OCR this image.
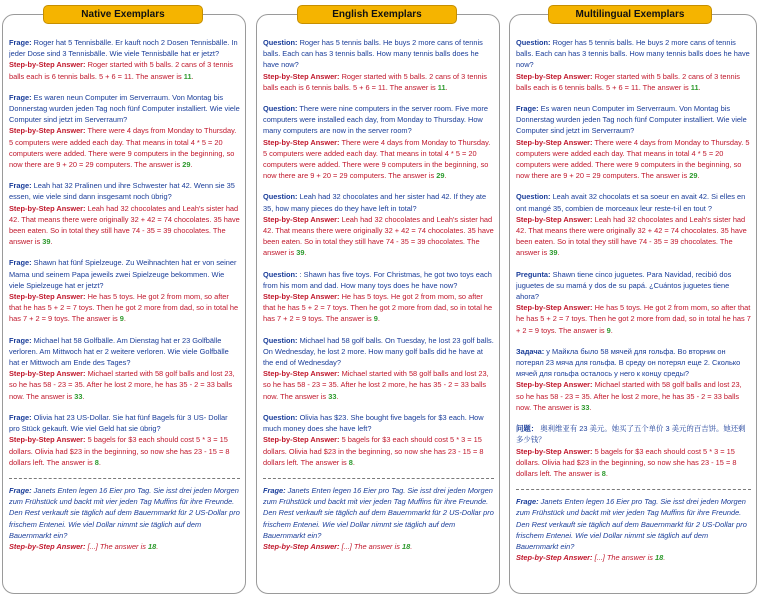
Native Exemplars
Frage: Roger hat 5 Tennisbälle. Er kauft noch 2 Dosen Tennisbälle. In jeder Dose sind 3 Tennisbälle. Wie viele Tennisbälle hat er jetzt?
Step-by-Step Answer: Roger started with 5 balls. 2 cans of 3 tennis balls each is 6 tennis balls. 5 + 6 = 11. The answer is 11.
Frage: Es waren neun Computer im Serverraum. Von Montag bis Donnerstag wurden jeden Tag noch fünf Computer installiert. Wie viele Computer sind jetzt im Serverraum?
Step-by-Step Answer: There were 4 days from Monday to Thursday. 5 computers were added each day. That means in total 4 * 5 = 20 computers were added. There were 9 computers in the beginning, so now there are 9 + 20 = 29 computers. The answer is 29.
Frage: Leah hat 32 Pralinen und ihre Schwester hat 42. Wenn sie 35 essen, wie viele sind dann insgesamt noch übrig?
Step-by-Step Answer: Leah had 32 chocolates and Leah's sister had 42. That means there were originally 32 + 42 = 74 chocolates. 35 have been eaten. So in total they still have 74 - 35 = 39 chocolates. The answer is 39.
Frage: Shawn hat fünf Spielzeuge. Zu Weihnachten hat er von seiner Mama und seinem Papa jeweils zwei Spielzeuge bekommen. Wie viele Spielzeuge hat er jetzt?
Step-by-Step Answer: He has 5 toys. He got 2 from mom, so after that he has 5 + 2 = 7 toys. Then he got 2 more from dad, so in total he has 7 + 2 = 9 toys. The answer is 9.
Frage: Michael hat 58 Golfbälle. Am Dienstag hat er 23 Golfbälle verloren. Am Mittwoch hat er 2 weitere verloren. Wie viele Golfbälle hat er Mittwoch am Ende des Tages?
Step-by-Step Answer: Michael started with 58 golf balls and lost 23, so he has 58 - 23 = 35. After he lost 2 more, he has 35 - 2 = 33 balls now. The answer is 33.
Frage: Olivia hat 23 US-Dollar. Sie hat fünf Bagels für 3 US- Dollar pro Stück gekauft. Wie viel Geld hat sie übrig?
Step-by-Step Answer: 5 bagels for $3 each should cost 5 * 3 = 15 dollars. Olivia had $23 in the beginning, so now she has 23 - 15 = 8 dollars left. The answer is 8.
Frage: Janets Enten legen 16 Eier pro Tag. Sie isst drei jeden Morgen zum Frühstück und backt mit vier jeden Tag Muffins für ihre Freunde. Den Rest verkauft sie täglich auf dem Bauernmarkt für 2 US-Dollar pro frischem Entenei. Wie viel Dollar nimmt sie täglich auf dem Bauernmarkt ein?
Step-by-Step Answer: [...] The answer is 18.
English Exemplars
Question: Roger has 5 tennis balls. He buys 2 more cans of tennis balls. Each can has 3 tennis balls. How many tennis balls does he have now?
Step-by-Step Answer: Roger started with 5 balls. 2 cans of 3 tennis balls each is 6 tennis balls. 5 + 6 = 11. The answer is 11.
Question: There were nine computers in the server room. Five more computers were installed each day, from Monday to Thursday. How many computers are now in the server room?
Step-by-Step Answer: There were 4 days from Monday to Thursday. 5 computers were added each day. That means in total 4 * 5 = 20 computers were added. There were 9 computers in the beginning, so now there are 9 + 20 = 29 computers. The answer is 29.
Question: Leah had 32 chocolates and her sister had 42. If they ate 35, how many pieces do they have left in total?
Step-by-Step Answer: Leah had 32 chocolates and Leah's sister had 42. That means there were originally 32 + 42 = 74 chocolates. 35 have been eaten. So in total they still have 74 - 35 = 39 chocolates. The answer is 39.
Question: : Shawn has five toys. For Christmas, he got two toys each from his mom and dad. How many toys does he have now?
Step-by-Step Answer: He has 5 toys. He got 2 from mom, so after that he has 5 + 2 = 7 toys. Then he got 2 more from dad, so in total he has 7 + 2 = 9 toys. The answer is 9.
Question: Michael had 58 golf balls. On Tuesday, he lost 23 golf balls. On Wednesday, he lost 2 more. How many golf balls did he have at the end of Wednesday?
Step-by-Step Answer: Michael started with 58 golf balls and lost 23, so he has 58 - 23 = 35. After he lost 2 more, he has 35 - 2 = 33 balls now. The answer is 33.
Question: Olivia has $23. She bought five bagels for $3 each. How much money does she have left?
Step-by-Step Answer: 5 bagels for $3 each should cost 5 * 3 = 15 dollars. Olivia had $23 in the beginning, so now she has 23 - 15 = 8 dollars left. The answer is 8.
Frage: Janets Enten legen 16 Eier pro Tag. Sie isst drei jeden Morgen zum Frühstück und backt mit vier jeden Tag Muffins für ihre Freunde. Den Rest verkauft sie täglich auf dem Bauernmarkt für 2 US-Dollar pro frischem Entenei. Wie viel Dollar nimmt sie täglich auf dem Bauernmarkt ein?
Step-by-Step Answer: [...] The answer is 18.
Multilingual Exemplars
Question: Roger has 5 tennis balls. He buys 2 more cans of tennis balls. Each can has 3 tennis balls. How many tennis balls does he have now?
Step-by-Step Answer: Roger started with 5 balls. 2 cans of 3 tennis balls each is 6 tennis balls. 5 + 6 = 11. The answer is 11.
Frage: Es waren neun Computer im Serverraum. Von Montag bis Donnerstag wurden jeden Tag noch fünf Computer installiert. Wie viele Computer sind jetzt im Serverraum?
Step-by-Step Answer: There were 4 days from Monday to Thursday. 5 computers were added each day. That means in total 4 * 5 = 20 computers were added. There were 9 computers in the beginning, so now there are 9 + 20 = 29 computers. The answer is 29.
Question: Leah avait 32 chocolats et sa soeur en avait 42. Si elles en ont mangé 35, combien de morceaux leur reste-t-il en tout ?
Step-by-Step Answer: Leah had 32 chocolates and Leah's sister had 42. That means there were originally 32 + 42 = 74 chocolates. 35 have been eaten. So in total they still have 74 - 35 = 39 chocolates. The answer is 39.
Pregunta: Shawn tiene cinco juguetes. Para Navidad, recibió dos juguetes de su mamá y dos de su papá. ¿Cuántos juguetes tiene ahora?
Step-by-Step Answer: He has 5 toys. He got 2 from mom, so after that he has 5 + 2 = 7 toys. Then he got 2 more from dad, so in total he has 7 + 2 = 9 toys. The answer is 9.
Задача: у Майкла было 58 мячей для гольфа. Во вторник он потерял 23 мяча для гольфа. В среду он потерял еще 2. Сколько мячей для гольфа осталось у него к концу среды?
Step-by-Step Answer: Michael started with 58 golf balls and lost 23, so he has 58 - 23 = 35. After he lost 2 more, he has 35 - 2 = 33 balls now. The answer is 33.
问题： 奥利维亚有 23 美元。她买了五个单价 3 美元的百吉饼。她还剩多少钱？
Step-by-Step Answer: 5 bagels for $3 each should cost 5 * 3 = 15 dollars. Olivia had $23 in the beginning, so now she has 23 - 15 = 8 dollars left. The answer is 8.
Frage: Janets Enten legen 16 Eier pro Tag. Sie isst drei jeden Morgen zum Frühstück und backt mit vier jeden Tag Muffins für ihre Freunde. Den Rest verkauft sie täglich auf dem Bauernmarkt für 2 US-Dollar pro frischem Entenei. Wie viel Dollar nimmt sie täglich auf dem Bauernmarkt ein?
Step-by-Step Answer: [...] The answer is 18.
